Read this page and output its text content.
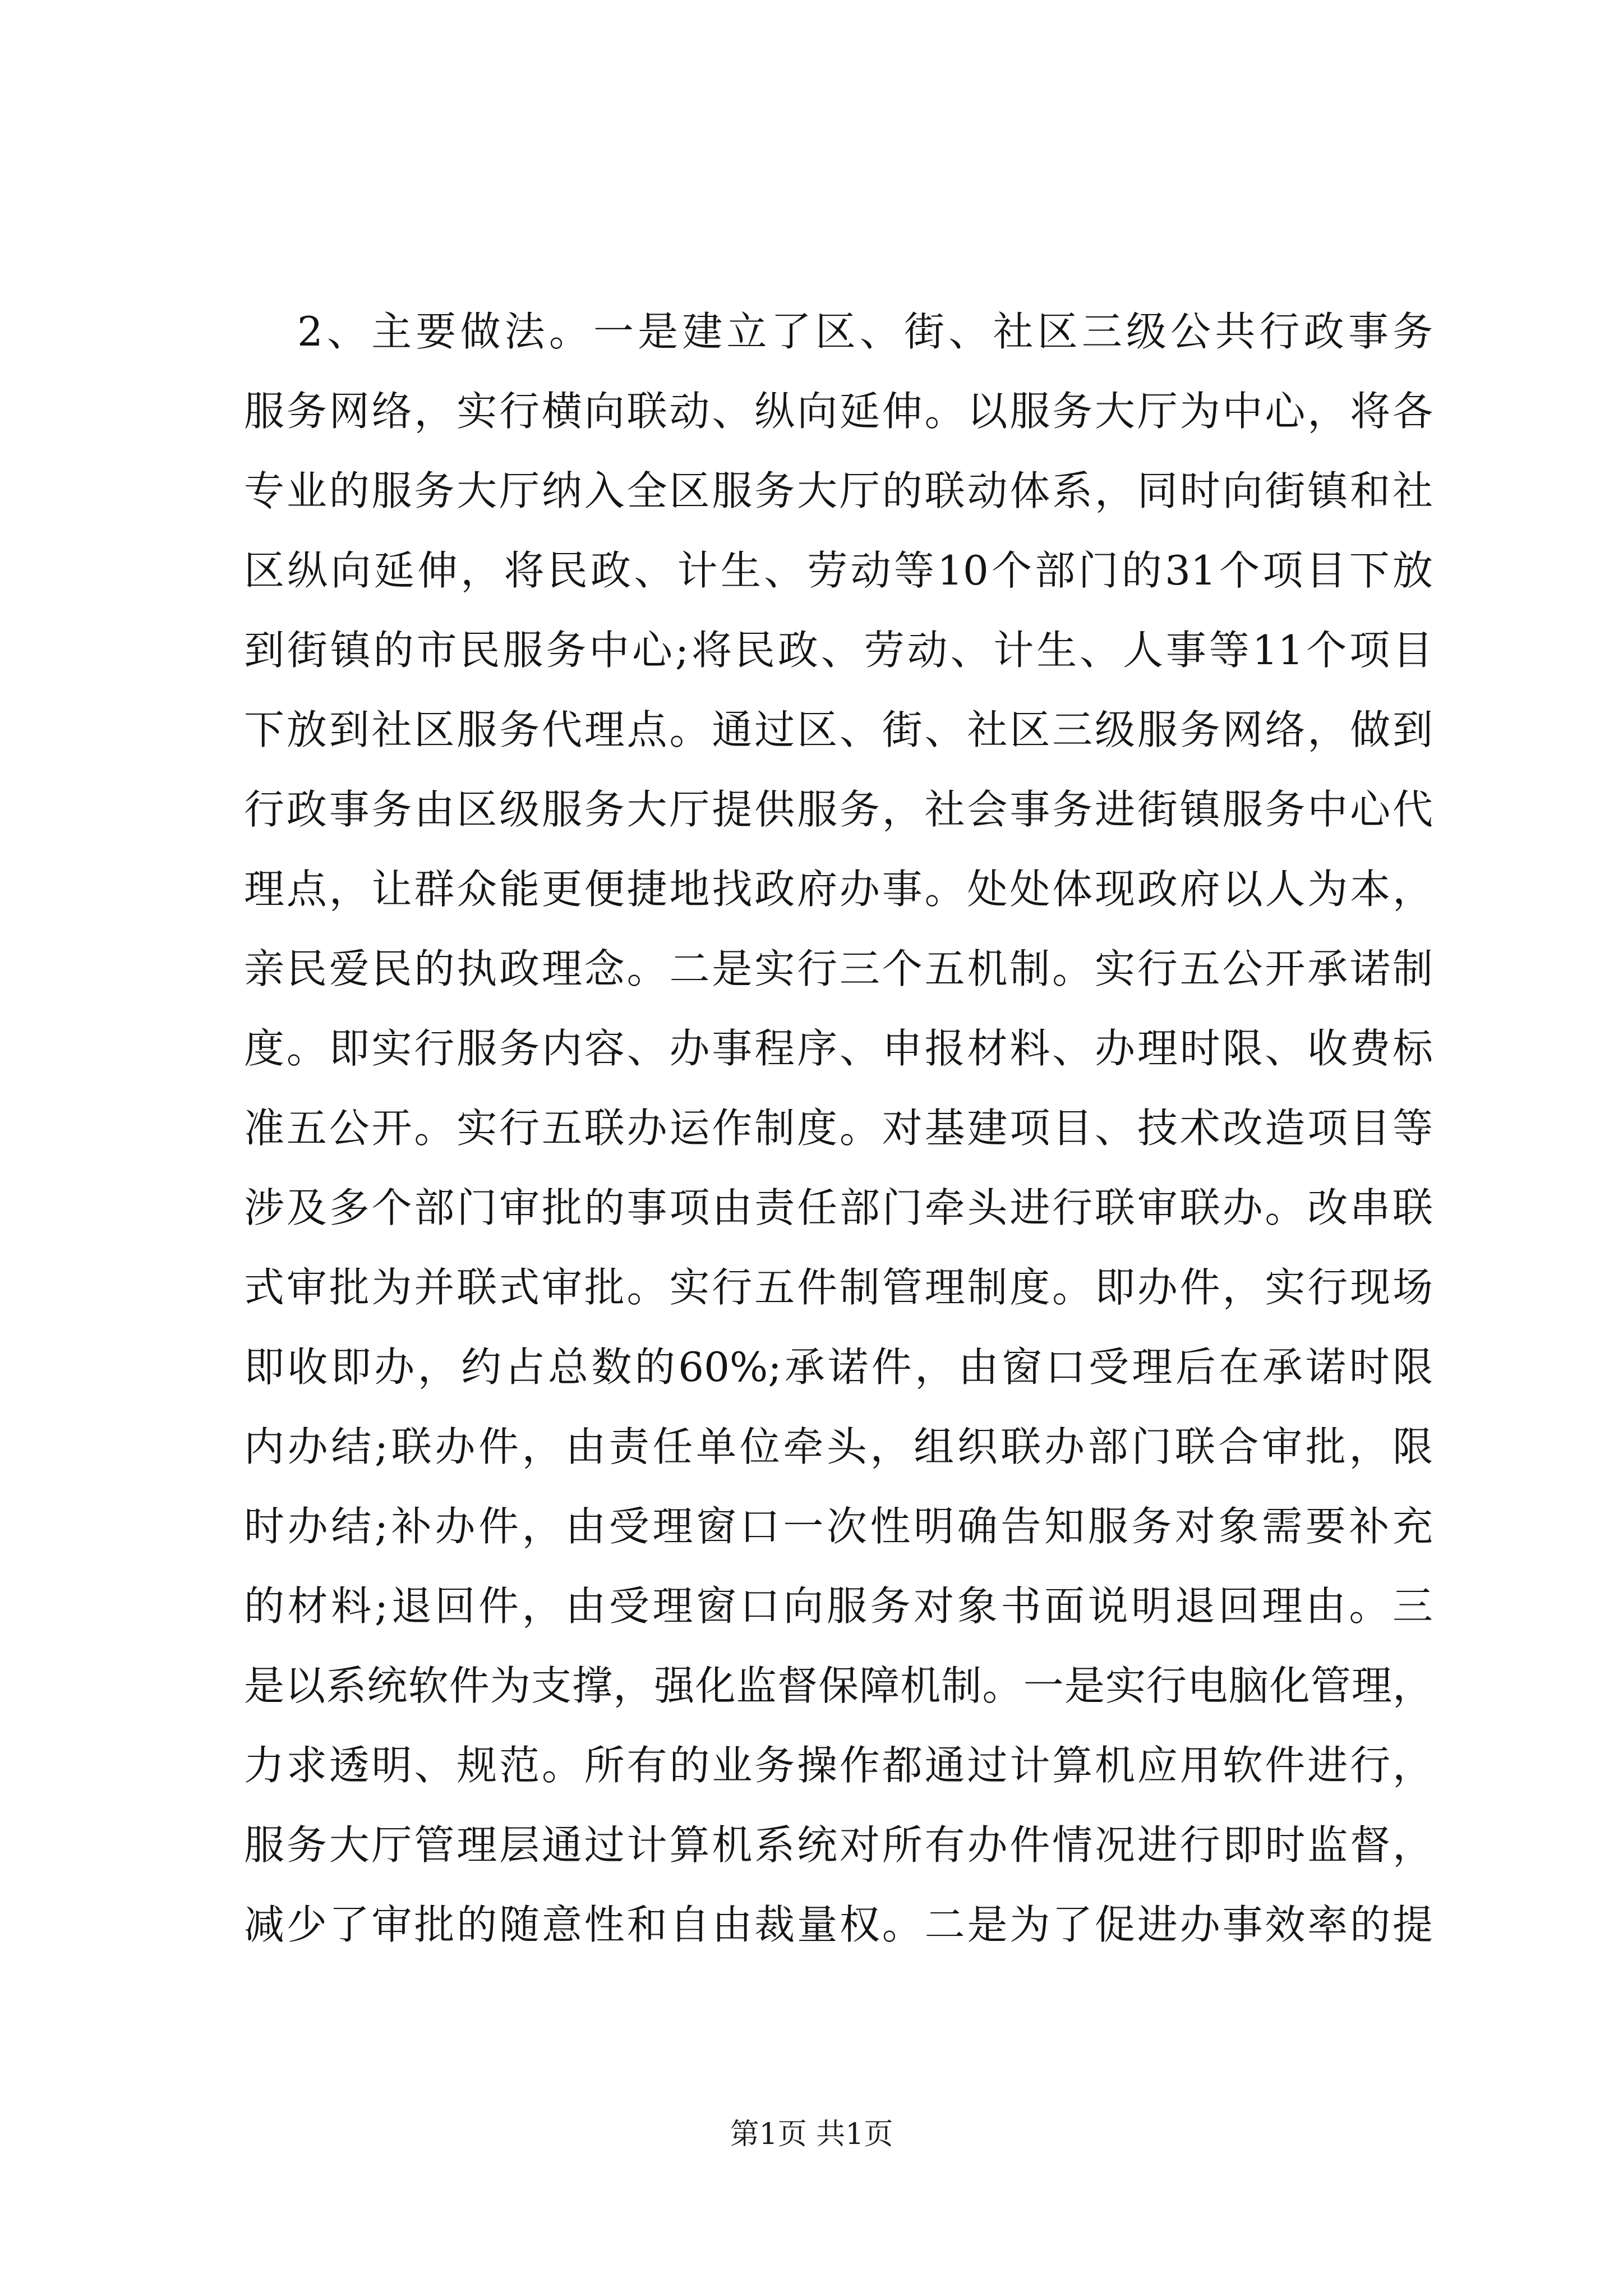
2、主要做法。一是建立了区、街、社区三级公共行政事务
服务网络，实行横向联动、纵向延伸。以服务大厅为中心，将各
专业的服务大厅纳入全区服务大厅的联动体系，同时向街镇和社
区纵向延伸，将民政、计生、劳动等10个部门的31个项目下放
到街镇的市民服务中心;将民政、劳动、计生、人事等11个项目
下放到社区服务代理点。通过区、街、社区三级服务网络，做到
行政事务由区级服务大厅提供服务，社会事务进街镇服务中心代
理点，让群众能更便捷地找政府办事。处处体现政府以人为本，
亲民爱民的执政理念。二是实行三个五机制。实行五公开承诺制
度。即实行服务内容、办事程序、申报材料、办理时限、收费标
准五公开。实行五联办运作制度。对基建项目、技术改造项目等
涉及多个部门审批的事项由责任部门牵头进行联审联办。改串联
式审批为并联式审批。实行五件制管理制度。即办件，实行现场
即收即办，约占总数的60%;承诺件，由窗口受理后在承诺时限
内办结;联办件，由责任单位牵头，组织联办部门联合审批，限
时办结;补办件，由受理窗口一次性明确告知服务对象需要补充
的材料;退回件，由受理窗口向服务对象书面说明退回理由。三
是以系统软件为支撑，强化监督保障机制。一是实行电脑化管理，
力求透明、规范。所有的业务操作都通过计算机应用软件进行，
服务大厅管理层通过计算机系统对所有办件情况进行即时监督，
减少了审批的随意性和自由裁量权。二是为了促进办事效率的提
第1页 共1页
